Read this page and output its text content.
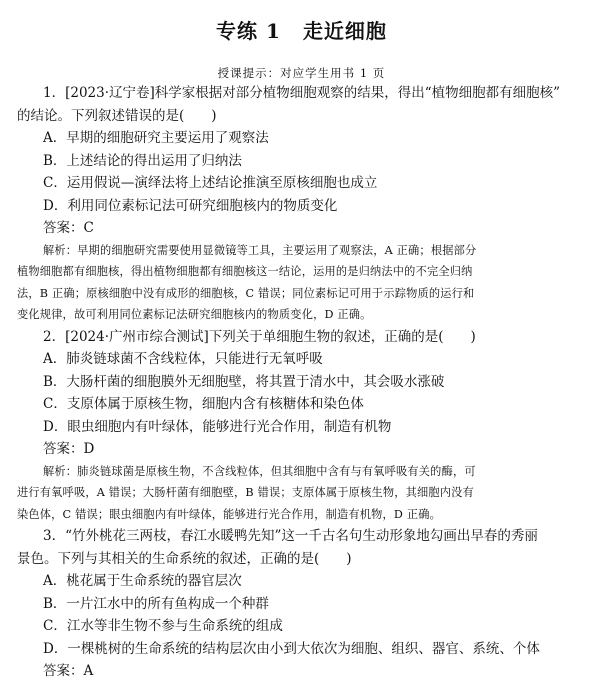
专练 1 走近细胞
授课提示：对应学生用书 1 页
1．[2023·辽宁卷]科学家根据对部分植物细胞观察的结果，得出“植物细胞都有细胞核”
的结论。下列叙述错误的是(　　)
A．早期的细胞研究主要运用了观察法
B．上述结论的得出运用了归纳法
C．运用假说—演绎法将上述结论推演至原核细胞也成立
D．利用同位素标记法可研究细胞核内的物质变化
答案：C
解析：早期的细胞研究需要使用显微镜等工具，主要运用了观察法，A 正确；根据部分
植物细胞都有细胞核，得出植物细胞都有细胞核这一结论，运用的是归纳法中的不完全归纳
法，B 正确；原核细胞中没有成形的细胞核，C 错误；同位素标记可用于示踪物质的运行和
变化规律，故可利用同位素标记法研究细胞核内的物质变化，D 正确。
2．[2024·广州市综合测试]下列关于单细胞生物的叙述，正确的是(　　)
A．肺炎链球菌不含线粒体，只能进行无氧呼吸
B．大肠杆菌的细胞膜外无细胞壁，将其置于清水中，其会吸水涨破
C．支原体属于原核生物，细胞内含有核糖体和染色体
D．眼虫细胞内有叶绿体，能够进行光合作用，制造有机物
答案：D
解析：肺炎链球菌是原核生物，不含线粒体，但其细胞中含有与有氧呼吸有关的酶，可
进行有氧呼吸，A 错误；大肠杆菌有细胞壁，B 错误；支原体属于原核生物，其细胞内没有
染色体，C 错误；眼虫细胞内有叶绿体，能够进行光合作用，制造有机物，D 正确。
3．“竹外桃花三两枝，春江水暖鸭先知”这一千古名句生动形象地勾画出早春的秀丽
景色。下列与其相关的生命系统的叙述，正确的是(　　)
A．桃花属于生命系统的器官层次
B．一片江水中的所有鱼构成一个种群
C．江水等非生物不参与生命系统的组成
D．一棵桃树的生命系统的结构层次由小到大依次为细胞、组织、器官、系统、个体
答案：A
